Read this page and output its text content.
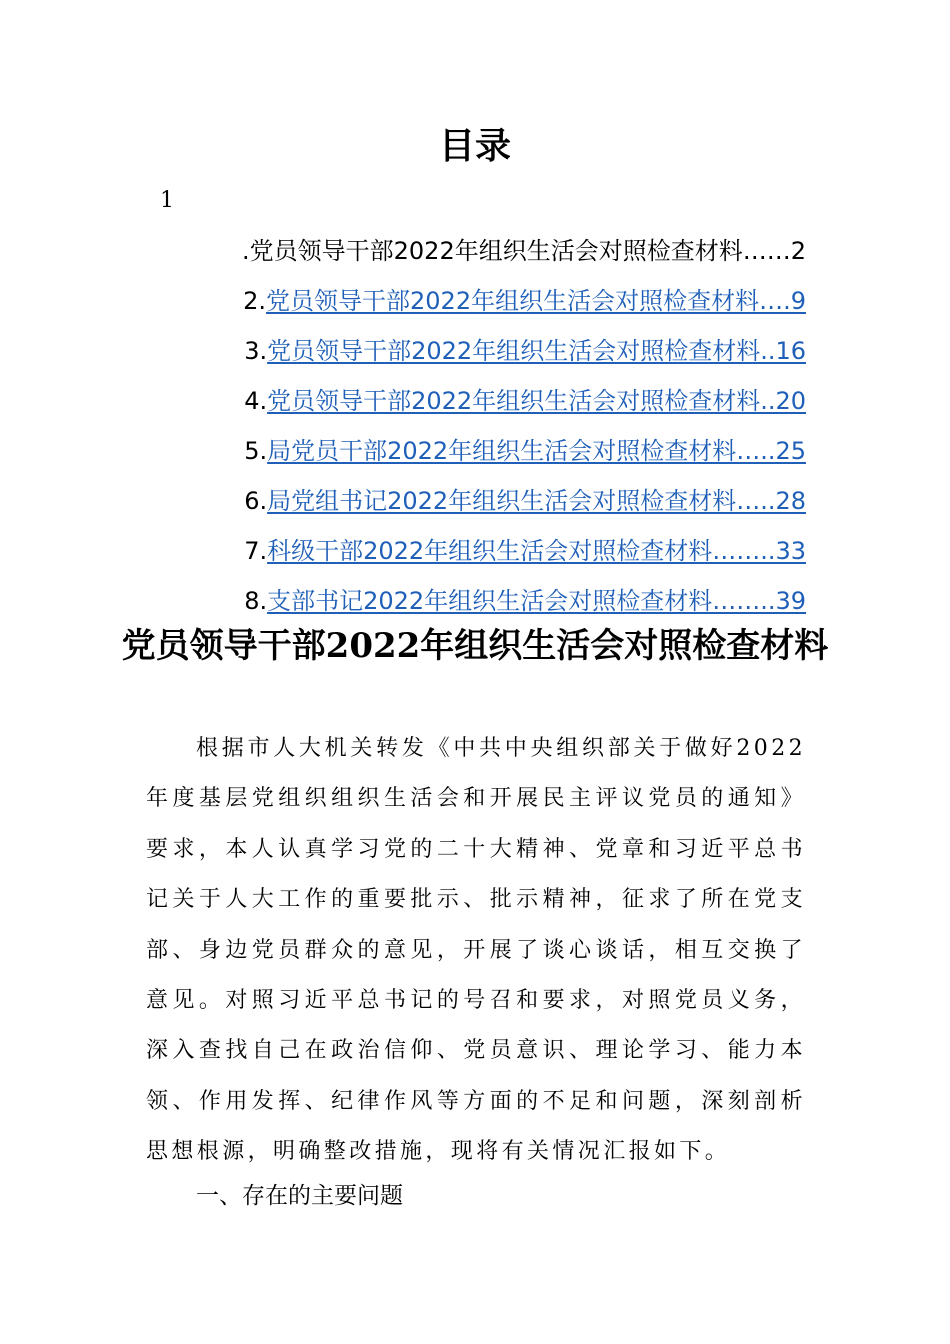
目录
1
.党员领导干部2022年组织生活会对照检查材料……2
2.党员领导干部2022年组织生活会对照检查材料….9
3.党员领导干部2022年组织生活会对照检查材料..16
4.党员领导干部2022年组织生活会对照检查材料..20
5.局党员干部2022年组织生活会对照检查材料…..25
6.局党组书记2022年组织生活会对照检查材料…..28
7.科级干部2022年组织生活会对照检查材料……..33
8.支部书记2022年组织生活会对照检查材料……..39
党员领导干部2022年组织生活会对照检查材料
根据市人大机关转发《中共中央组织部关于做好2022年度基层党组织组织生活会和开展民主评议党员的通知》要求，本人认真学习党的二十大精神、党章和习近平总书记关于人大工作的重要批示、批示精神，征求了所在党支部、身边党员群众的意见，开展了谈心谈话，相互交换了意见。对照习近平总书记的号召和要求，对照党员义务，深入查找自己在政治信仰、党员意识、理论学习、能力本领、作用发挥、纪律作风等方面的不足和问题，深刻剖析思想根源，明确整改措施，现将有关情况汇报如下。
一、存在的主要问题
